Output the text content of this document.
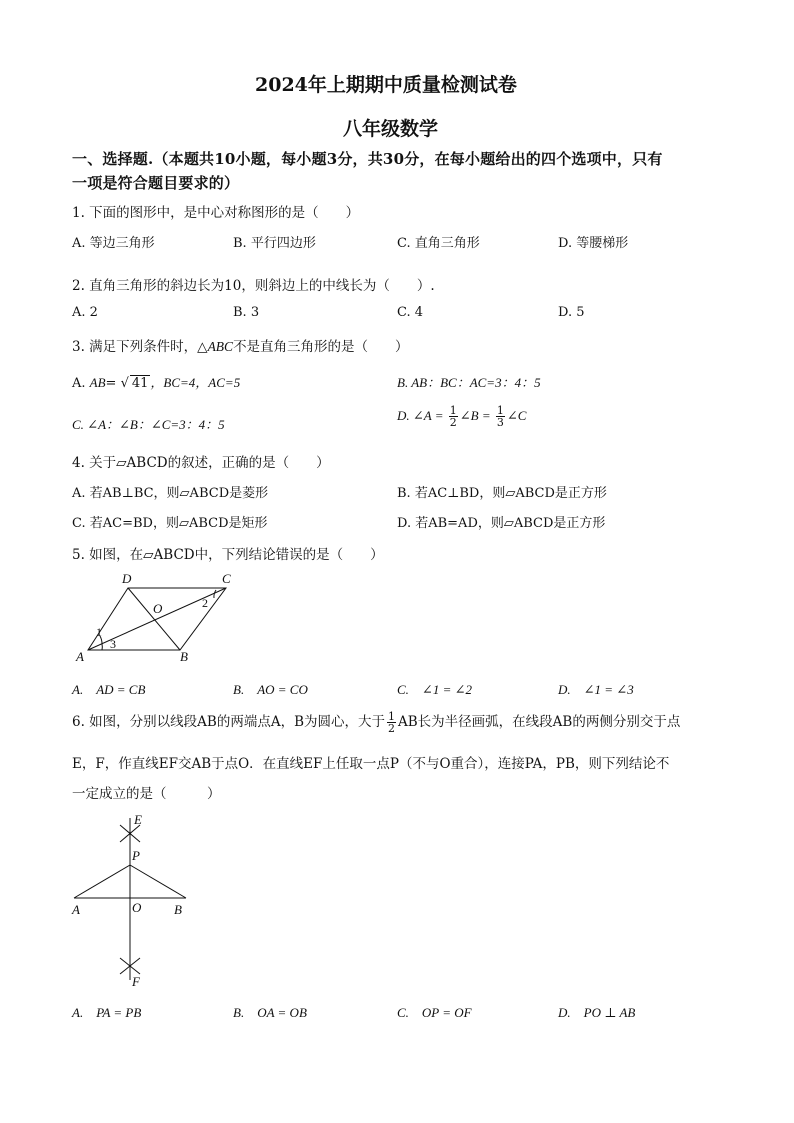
2024年上期期中质量检测试卷
八年级数学
一、选择题.（本题共10小题，每小题3分，共30分，在每小题给出的四个选项中，只有
一项是符合题目要求的）
1. 下面的图形中，是中心对称图形的是（　　）
A. 等边三角形	B. 平行四边形	C. 直角三角形	D. 等腰梯形
2. 直角三角形的斜边长为10，则斜边上的中线长为（　　）.
A. 2	B. 3	C. 4	D. 5
3. 满足下列条件时，△ABC不是直角三角形的是（　　）
A. AB= √ 41 ，BC=4，AC=5	B. AB：BC：AC=3：4：5
C. ∠A：∠B：∠C=3：4：5
D. ∠A = $\frac{1}{2}$ ∠B = $\frac{1}{3}$ ∠C
4. 关于▱ABCD的叙述，正确的是（　　）
A. 若AB⊥BC，则▱ABCD是菱形	B. 若AC⊥BD，则▱ABCD是正方形
C. 若AC=BD，则▱ABCD是矩形	D. 若AB=AD，则▱ABCD是正方形
5. 如图，在▱ABCD中，下列结论错误的是（　　）
D	C
O
A	B
1
2
3
A.　AD = CB	B.　AO = CO	C.　∠1 = ∠2	D.　∠1 = ∠3
6. 如图，分别以线段AB的两端点A，B为圆心，大于 $\frac{1}{2}$ AB长为半径画弧，在线段AB的两侧分别交于点
E，F，作直线EF交AB于点O．在直线EF上任取一点P（不与O重合），连接PA，PB，则下列结论不
一定成立的是（　　　）
E
P
A	O	B
F
A.　PA = PB	B.　OA = OB	C.　OP = OF	D.　PO ⊥ AB
